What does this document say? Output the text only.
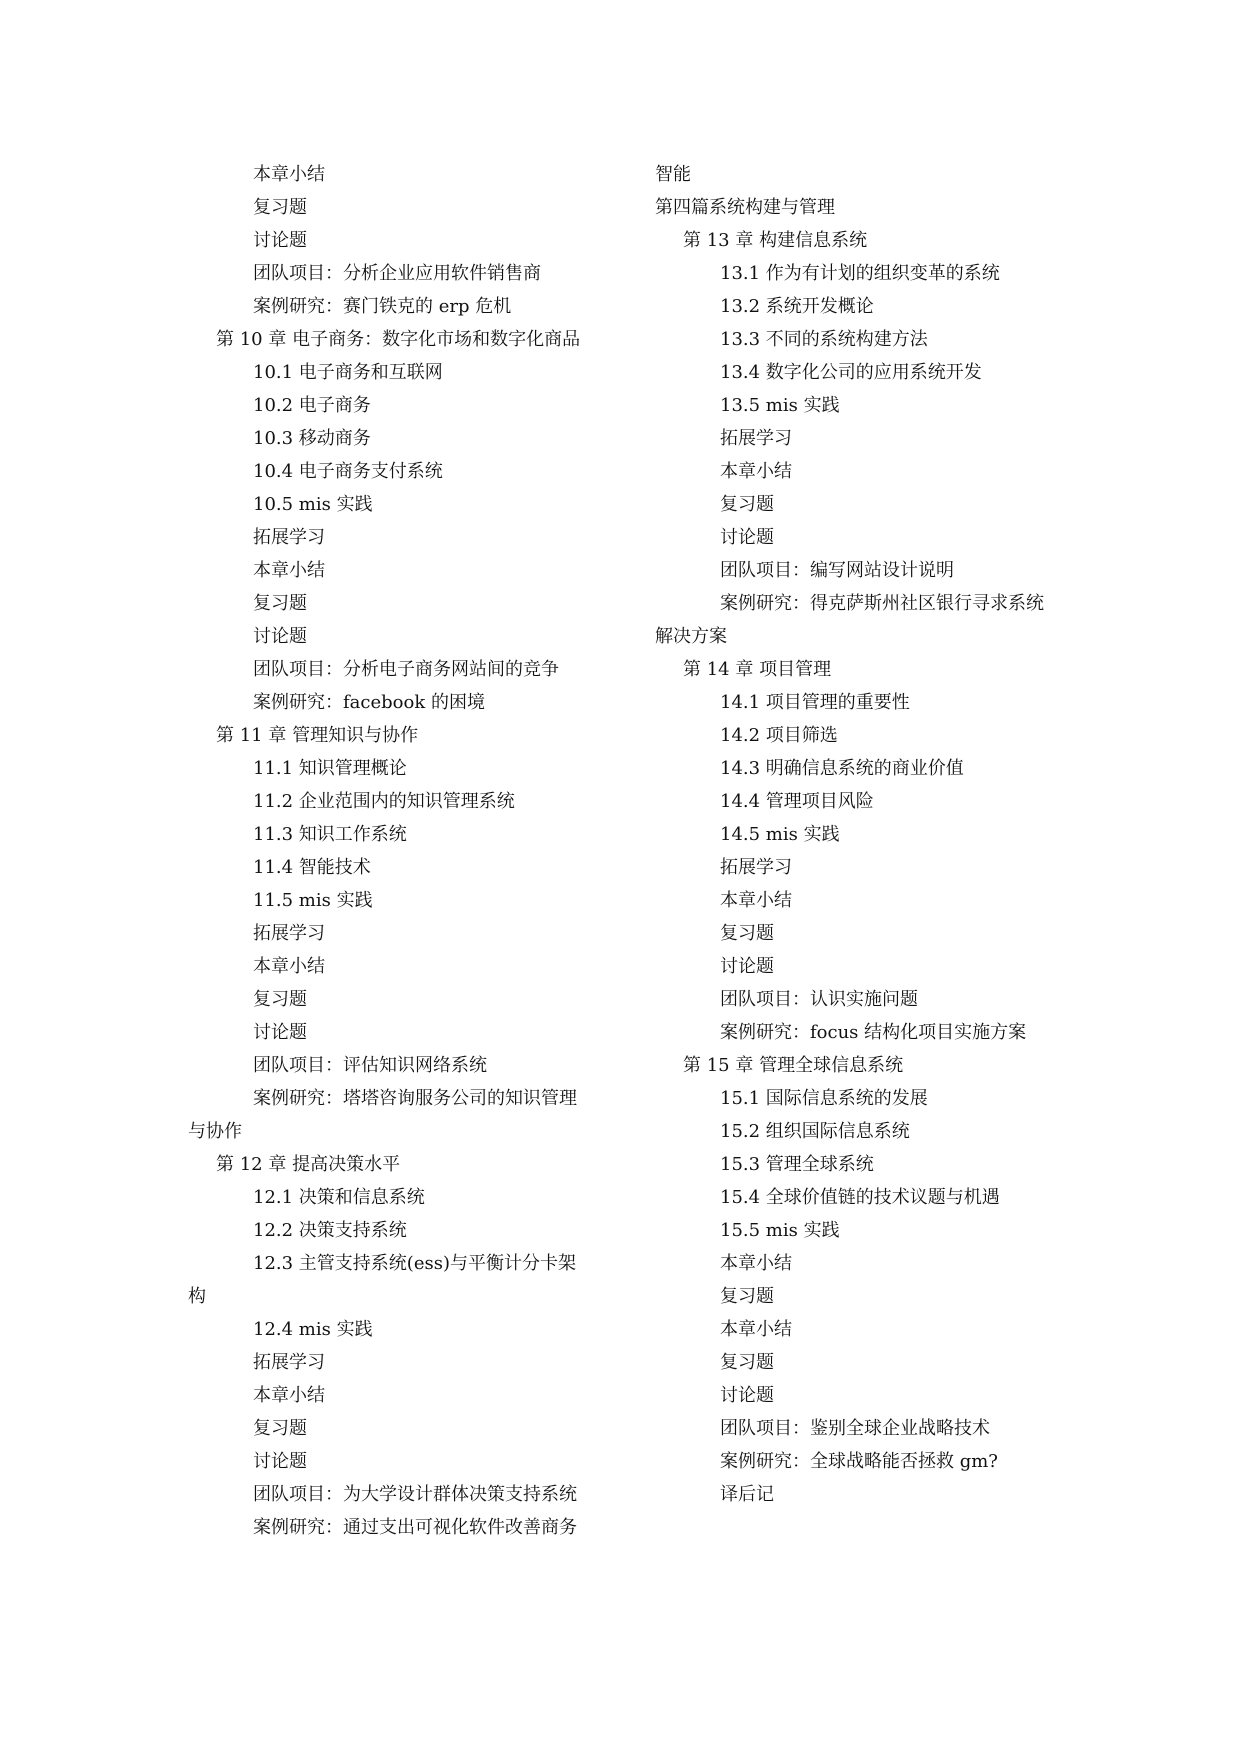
本章小结
复习题
讨论题
团队项目：分析企业应用软件销售商
案例研究：赛门铁克的 erp 危机
第 10 章 电子商务：数字化市场和数字化商品
10.1 电子商务和互联网
10.2 电子商务
10.3 移动商务
10.4 电子商务支付系统
10.5 mis 实践
拓展学习
本章小结
复习题
讨论题
团队项目：分析电子商务网站间的竞争
案例研究：facebook 的困境
第 11 章 管理知识与协作
11.1 知识管理概论
11.2 企业范围内的知识管理系统
11.3 知识工作系统
11.4 智能技术
11.5 mis 实践
拓展学习
本章小结
复习题
讨论题
团队项目：评估知识网络系统
案例研究：塔塔咨询服务公司的知识管理
与协作
第 12 章 提高决策水平
12.1 决策和信息系统
12.2 决策支持系统
12.3 主管支持系统(ess)与平衡计分卡架
构
12.4 mis 实践
拓展学习
本章小结
复习题
讨论题
团队项目：为大学设计群体决策支持系统
案例研究：通过支出可视化软件改善商务
智能
第四篇系统构建与管理
第 13 章 构建信息系统
13.1 作为有计划的组织变革的系统
13.2 系统开发概论
13.3 不同的系统构建方法
13.4 数字化公司的应用系统开发
13.5 mis 实践
拓展学习
本章小结
复习题
讨论题
团队项目：编写网站设计说明
案例研究：得克萨斯州社区银行寻求系统
解决方案
第 14 章 项目管理
14.1 项目管理的重要性
14.2 项目筛选
14.3 明确信息系统的商业价值
14.4 管理项目风险
14.5 mis 实践
拓展学习
本章小结
复习题
讨论题
团队项目：认识实施问题
案例研究：focus 结构化项目实施方案
第 15 章 管理全球信息系统
15.1 国际信息系统的发展
15.2 组织国际信息系统
15.3 管理全球系统
15.4 全球价值链的技术议题与机遇
15.5 mis 实践
本章小结
复习题
本章小结
复习题
讨论题
团队项目：鉴别全球企业战略技术
案例研究：全球战略能否拯救 gm?
译后记
